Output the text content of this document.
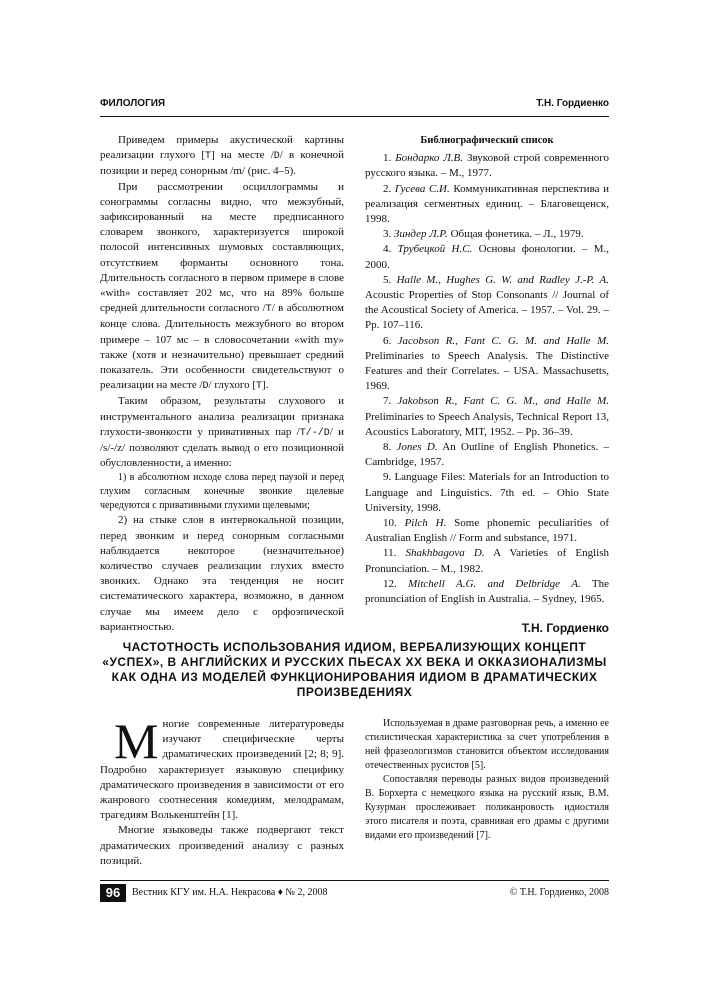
ФИЛОЛОГИЯ	Т.Н. Гордиенко

Приведем примеры акустической картины реализации глухого [T] на месте /D/ в конечной позиции и перед сонорным /m/ (рис. 4–5).

При рассмотрении осциллограммы и сонограммы согласны видно, что межзубный, зафиксированный на месте предписанного словарем звонкого, характеризуется широкой полосой интенсивных шумовых составляющих, отсутствием форманты основного тона. Длительность согласного в первом примере в слове «with» составляет 202 мс, что на 89% больше средней длительности согласного /T/ в абсолютном конце слова. Длительность межзубного во втором примере – 107 мс – в словосочетании «with my» также (хотя и незначительно) превышает средний показатель. Эти особенности свидетельствуют о реализации на месте /D/ глухого [T].

Таким образом, результаты слухового и инструментального анализа реализации признака глухости-звонкости у привативных пар /T/-/D/ и /s/-/z/ позволяют сделать вывод о его позиционной обусловленности, а именно:

1) в абсолютном исходе слова перед паузой и перед глухим согласным конечные звонкие щелевые чередуются с привативными глухими щелевыми;

2) на стыке слов в интервокальной позиции, перед звонким и перед сонорным согласными наблюдается некоторое (незначительное) количество случаев реализации глухих вместо звонких. Однако эта тенденция не носит систематического характера, возможно, в данном случае мы имеем дело с орфоэпической вариантностью.

Библиографический список

1. Бондарко Л.В. Звуковой строй современного русского языка. – М., 1977.

2. Гусева С.И. Коммуникативная перспектива и реализация сегментных единиц. – Благовещенск, 1998.

3. Зиндер Л.Р. Общая фонетика. – Л., 1979.

4. Трубецкой Н.С. Основы фонологии. – М., 2000.

5. Halle M., Hughes G. W. and Radley J.-P. A. Acoustic Properties of Stop Consonants // Journal of the Acoustical Society of America. – 1957. – Vol. 29. – Pp. 107–116.

6. Jacobson R., Fant C. G. M. and Halle M. Preliminaries to Speech Analysis. The Distinctive Features and their Correlates. – USA. Massachusetts, 1969.

7. Jakobson R., Fant C. G. M., and Halle M. Preliminaries to Speech Analysis, Technical Report 13, Acoustics Laboratory, MIT, 1952. – Pp. 36–39.

8. Jones D. An Outline of English Phonetics. – Cambridge, 1957.

9. Language Files: Materials for an Introduction to Language and Linguistics. 7th ed. – Ohio State University, 1998.

10. Pilch H. Some phonemic peculiarities of Australian English // Form and substance, 1971.

11. Shakhbagova D. A Varieties of English Pronunciation. – M., 1982.

12. Mitchell A.G. and Delbridge A. The pronunciation of English in Australia. – Sydney, 1965.

Т.Н. Гордиенко
ЧАСТОТНОСТЬ ИСПОЛЬЗОВАНИЯ ИДИОМ, ВЕРБАЛИЗУЮЩИХ КОНЦЕПТ «УСПЕХ», В АНГЛИЙСКИХ И РУССКИХ ПЬЕСАХ XX ВЕКА И ОККАЗИОНАЛИЗМЫ КАК ОДНА ИЗ МОДЕЛЕЙ ФУНКЦИОНИРОВАНИЯ ИДИОМ В ДРАМАТИЧЕСКИХ ПРОИЗВЕДЕНИЯХ
М ногие современные литературоведы изучают специфические черты драматических произведений [2; 8; 9]. Подробно характеризует языковую специфику драматического произведения в зависимости от его жанрового соотнесения комедиям, мелодрамам, трагедиям Волькенштейн [1].

Многие языковеды также подвергают текст драматических произведений анализу с разных позиций.

Используемая в драме разговорная речь, а именно ее стилистическая характеристика за счет употребления в ней фразеологизмов становится объектом исследования отечественных русистов [5].

Сопоставляя переводы разных видов произведений В. Борхерта с немецкого языка на русский язык, В.М. Кузурман прослеживает поликанровость идиостиля этого писателя и поэта, сравнивая его драмы с другими видами его произведений [7].

96	Вестник КГУ им. Н.А. Некрасова ♦ № 2, 2008	© Т.Н. Гордиенко, 2008
